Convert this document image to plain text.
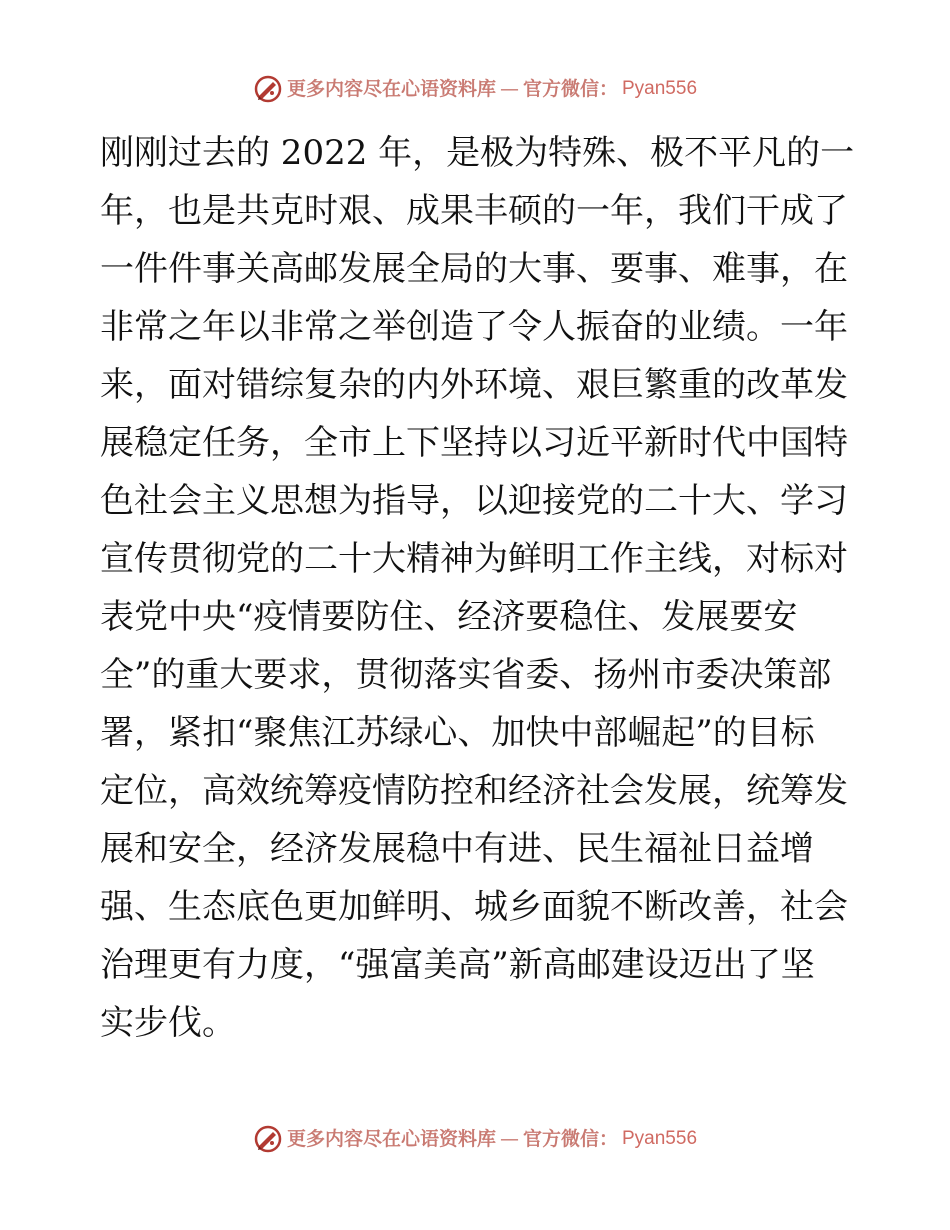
更多内容尽在心语资料库 — 官方微信： Pyan556
刚刚过去的 2022 年，是极为特殊、极不平凡的一
年，也是共克时艰、成果丰硕的一年，我们干成了
一件件事关高邮发展全局的大事、要事、难事，在
非常之年以非常之举创造了令人振奋的业绩。一年
来，面对错综复杂的内外环境、艰巨繁重的改革发
展稳定任务，全市上下坚持以习近平新时代中国特
色社会主义思想为指导，以迎接党的二十大、学习
宣传贯彻党的二十大精神为鲜明工作主线，对标对
表党中央“疫情要防住、经济要稳住、发展要安
全”的重大要求，贯彻落实省委、扬州市委决策部
署，紧扣“聚焦江苏绿心、加快中部崛起”的目标
定位，高效统筹疫情防控和经济社会发展，统筹发
展和安全，经济发展稳中有进、民生福祉日益增
强、生态底色更加鲜明、城乡面貌不断改善，社会
治理更有力度，“强富美高”新高邮建设迈出了坚
实步伐。
更多内容尽在心语资料库 — 官方微信： Pyan556
